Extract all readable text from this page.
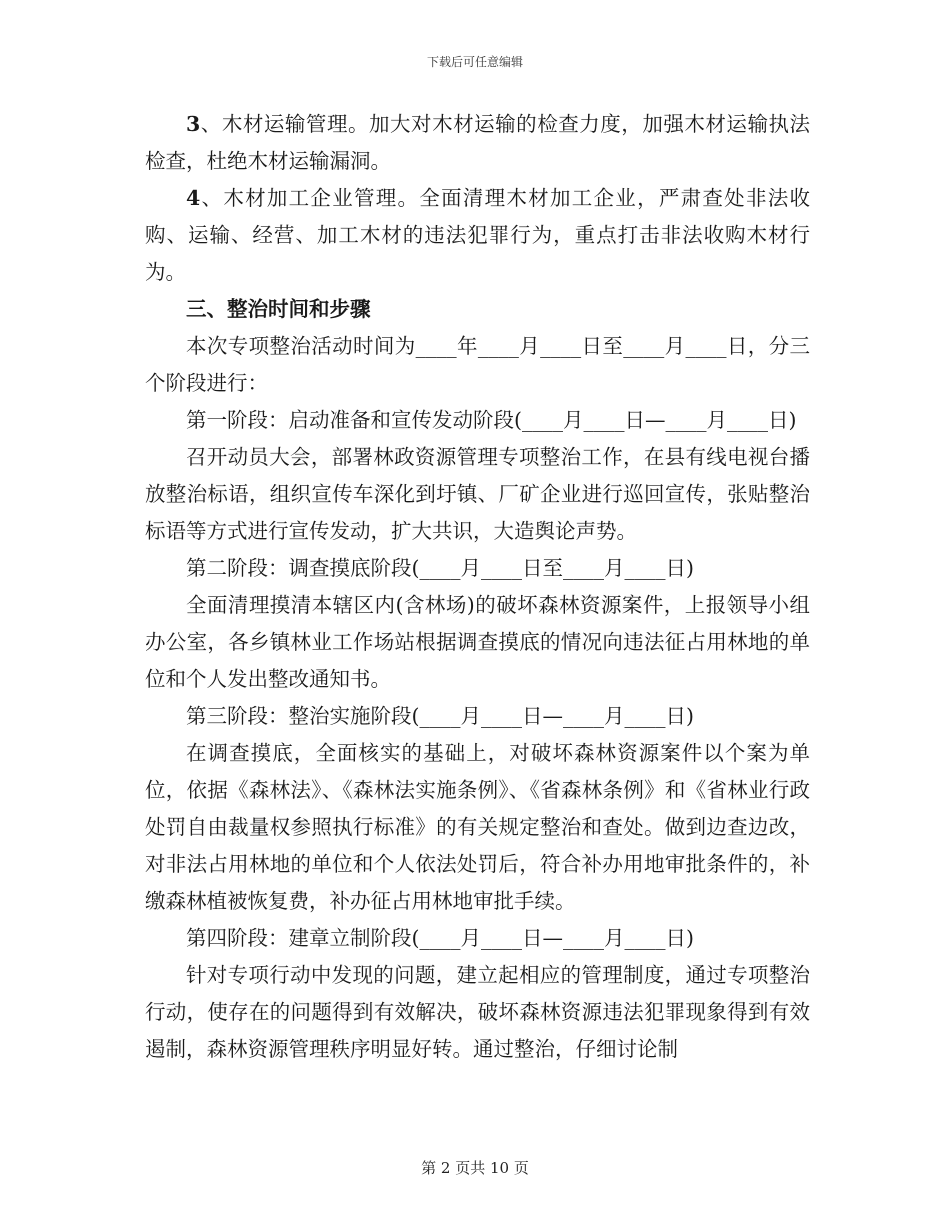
下载后可任意编辑

3、木材运输管理。加大对木材运输的检查力度，加强木材运输执法检查，杜绝木材运输漏洞。

4、木材加工企业管理。全面清理木材加工企业，严肃查处非法收购、运输、经营、加工木材的违法犯罪行为，重点打击非法收购木材行为。

三、整治时间和步骤

本次专项整治活动时间为____年____月____日至____月____日，分三个阶段进行：

第一阶段：启动准备和宣传发动阶段(____月____日—____月____日)

召开动员大会，部署林政资源管理专项整治工作，在县有线电视台播放整治标语，组织宣传车深化到圩镇、厂矿企业进行巡回宣传，张贴整治标语等方式进行宣传发动，扩大共识，大造舆论声势。

第二阶段：调查摸底阶段(____月____日至____月____日)

全面清理摸清本辖区内(含林场)的破坏森林资源案件，上报领导小组办公室，各乡镇林业工作场站根据调查摸底的情况向违法征占用林地的单位和个人发出整改通知书。

第三阶段：整治实施阶段(____月____日—____月____日)

在调查摸底，全面核实的基础上，对破坏森林资源案件以个案为单位，依据《森林法》、《森林法实施条例》、《省森林条例》和《省林业行政处罚自由裁量权参照执行标准》的有关规定整治和查处。做到边查边改，对非法占用林地的单位和个人依法处罚后，符合补办用地审批条件的，补缴森林植被恢复费，补办征占用林地审批手续。

第四阶段：建章立制阶段(____月____日—____月____日)

针对专项行动中发现的问题，建立起相应的管理制度，通过专项整治行动，使存在的问题得到有效解决，破坏森林资源违法犯罪现象得到有效遏制，森林资源管理秩序明显好转。通过整治，仔细讨论制

第 2 页共 10 页
